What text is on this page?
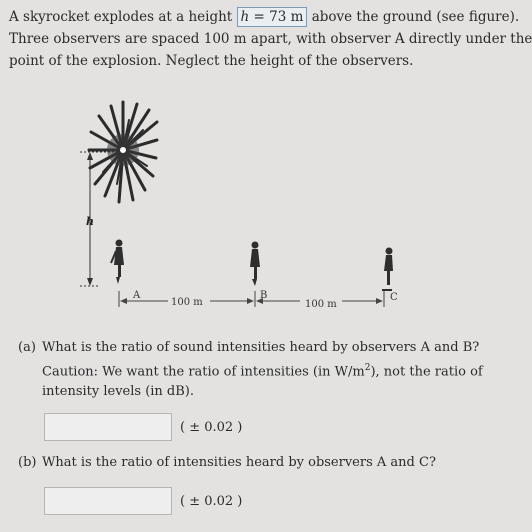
A skyrocket explodes at a height h = 73 m above the ground (see figure).

Three observers are spaced 100 m apart, with observer A directly under the

point of the explosion. Neglect the height of the observers.

h
A	B	C
100 m	100 m
(a) What is the ratio of sound intensities heard by observers A and B?
Caution: We want the ratio of intensities (in $W/m^2$), not the ratio of
intensity levels (in dB).
( ± 0.02 )
(b) What is the ratio of intensities heard by observers A and C?
( ± 0.02 )
